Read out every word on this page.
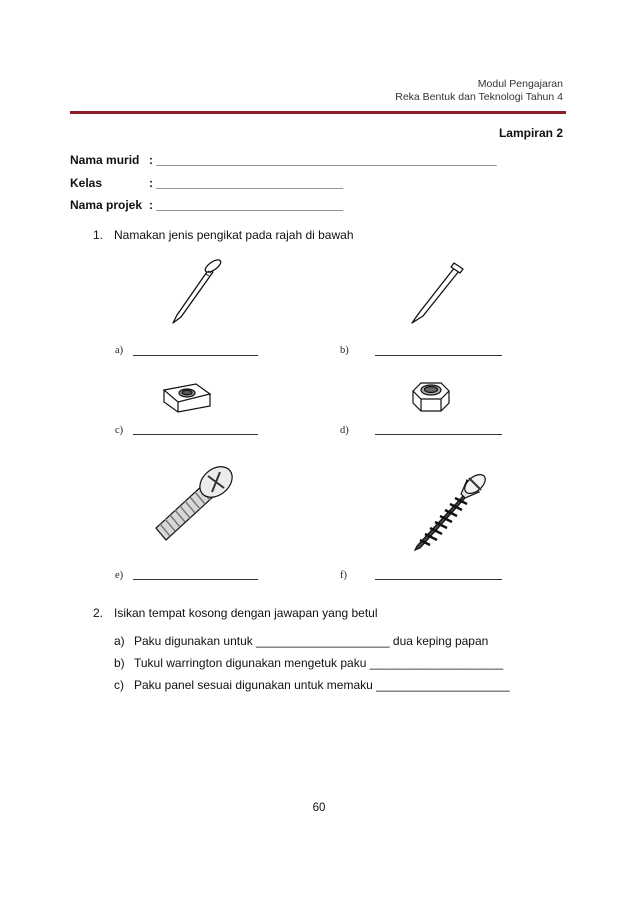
Modul Pengajaran
Reka Bentuk dan Teknologi Tahun 4
Lampiran 2
Nama murid : ___________________________________________________
Kelas	: ____________________________
Nama projek : ____________________________
1. Namakan jenis pengikat pada rajah di bawah
a)	b)
c)	d)
e)	f)
2. Isikan tempat kosong dengan jawapan yang betul
a) Paku digunakan untuk ____________________ dua keping papan
b) Tukul warrington digunakan mengetuk paku ____________________
c) Paku panel sesuai digunakan untuk memaku ____________________
60
